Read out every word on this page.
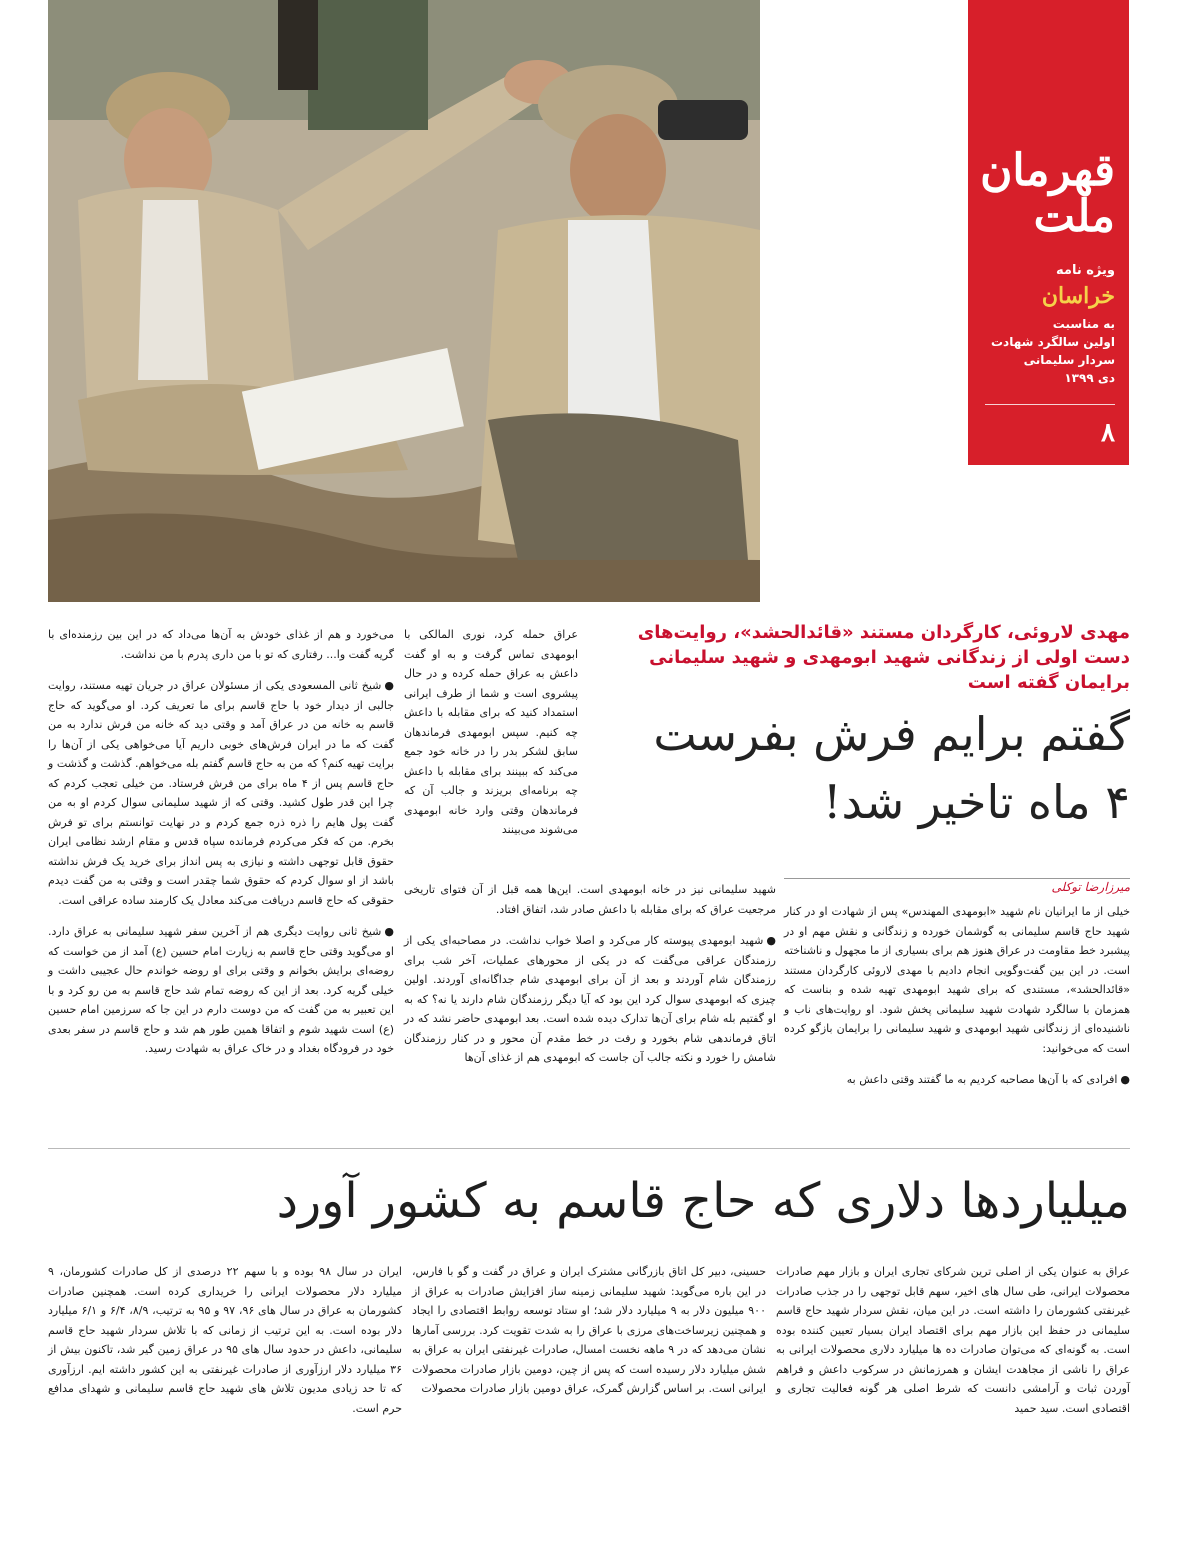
قهرمان
ملت
ویژه نامه
خراسان
به مناسبت
اولین سالگرد شهادت
سردار سلیمانی
دی ۱۳۹۹
۸
مهدی لاروئی، کارگردان مستند «قائدالحشد»، روایت‌های دست اولی از زندگانی شهید ابومهدی و شهید سلیمانی برایمان گفته است
گفتم برایم فرش بفرست
۴ ماه تاخیر شد!
میرزارضا توکلی

خیلی از ما ایرانیان نام شهید «ابومهدی المهندس» پس از شهادت او در کنار شهید حاج قاسم سلیمانی به گوشمان خورده و زندگانی و نقش مهم او در پیشبرد خط مقاومت در عراق هنوز هم برای بسیاری از ما مجهول و ناشناخته است. در این بین گفت‌وگویی انجام دادیم با مهدی لاروئی کارگردان مستند «قائدالحشد»، مستندی که برای شهید ابومهدی تهیه شده و بناست که همزمان با سالگرد شهادت شهید سلیمانی پخش شود. او روایت‌های ناب و ناشنیده‌ای از زندگانی شهید ابومهدی و شهید سلیمانی را برایمان بازگو کرده است که می‌خوانید:

●افرادی که با آن‌ها مصاحبه کردیم به ما گفتند وقتی داعش به

عراق حمله کرد، نوری المالکی با ابومهدی تماس گرفت و به او گفت داعش به عراق حمله کرده و در حال پیشروی است و شما از طرف ایرانی استمداد کنید که برای مقابله با داعش چه کنیم. سپس ابومهدی فرماندهان سابق لشکر بدر را در خانه خود جمع می‌کند که ببینند برای مقابله با داعش چه برنامه‌ای بریزند و جالب آن که فرماندهان وقتی وارد خانه ابومهدی می‌شوند می‌بینند

شهید سلیمانی نیز در خانه ابومهدی است. این‌ها همه قبل از آن فتوای تاریخی مرجعیت عراق که برای مقابله با داعش صادر شد، اتفاق افتاد.

●شهید ابومهدی پیوسته کار می‌کرد و اصلا خواب نداشت. در مصاحبه‌ای یکی از رزمندگان عراقی می‌گفت که در یکی از محورهای عملیات، آخر شب برای رزمندگان شام آوردند و بعد از آن برای ابومهدی شام جداگانه‌ای آوردند. اولین چیزی که ابومهدی سوال کرد این بود که آیا دیگر رزمندگان شام دارند یا نه؟ که به او گفتیم بله شام برای آن‌ها تدارک دیده شده است. بعد ابومهدی حاضر نشد که در اتاق فرماندهی شام بخورد و رفت در خط مقدم آن محور و در کنار رزمندگان شامش را خورد و نکته جالب آن جاست که ابومهدی هم از غذای آن‌ها

می‌خورد و هم از غذای خودش به آن‌ها می‌داد که در این بین رزمنده‌ای با گریه گفت وا... رفتاری که تو با من داری پدرم با من نداشت.

●شیخ ثانی المسعودی یکی از مسئولان عراق در جریان تهیه مستند، روایت جالبی از دیدار خود با حاج قاسم برای ما تعریف کرد. او می‌گوید که حاج قاسم به خانه من در عراق آمد و وقتی دید که خانه من فرش ندارد به من گفت که ما در ایران فرش‌های خوبی داریم آیا می‌خواهی یکی از آن‌ها را برایت تهیه کنم؟ که من به حاج قاسم گفتم بله می‌خواهم. گذشت و گذشت و حاج قاسم پس از ۴ ماه برای من فرش فرستاد. من خیلی تعجب کردم که چرا این قدر طول کشید. وقتی که از شهید سلیمانی سوال کردم او به من گفت پول هایم را ذره ذره جمع کردم و در نهایت توانستم برای تو فرش بخرم. من که فکر می‌کردم فرمانده سپاه قدس و مقام ارشد نظامی ایران حقوق قابل توجهی داشته و نیازی به پس انداز برای خرید یک فرش نداشته باشد از او سوال کردم که حقوق شما چقدر است و وقتی به من گفت دیدم حقوقی که حاج قاسم دریافت می‌کند معادل یک کارمند ساده عراقی است.

●شیخ ثانی روایت دیگری هم از آخرین سفر شهید سلیمانی به عراق دارد. او می‌گوید وقتی حاج قاسم به زیارت امام حسین (ع) آمد از من خواست که روضه‌ای برایش بخوانم و وقتی برای او روضه خواندم حال عجیبی داشت و خیلی گریه کرد. بعد از این که روضه تمام شد حاج قاسم به من رو کرد و با این تعبیر به من گفت که من دوست دارم در این جا که سرزمین امام حسین (ع) است شهید شوم و اتفاقا همین طور هم شد و حاج قاسم در سفر بعدی خود در فرودگاه بغداد و در خاک عراق به شهادت رسید.

میلیاردها دلاری که حاج قاسم به کشور آورد

عراق به عنوان یکی از اصلی ترین شرکای تجاری ایران و بازار مهم صادرات محصولات ایرانی، طی سال های اخیر، سهم قابل توجهی را در جذب صادرات غیرنفتی کشورمان را داشته است. در این میان، نقش سردار شهید حاج قاسم سلیمانی در حفظ این بازار مهم برای اقتصاد ایران بسیار تعیین کننده بوده است. به گونه‌ای که می‌توان صادرات ده ها میلیارد دلاری محصولات ایرانی به عراق را ناشی از مجاهدت ایشان و همرزمانش در سرکوب داعش و فراهم آوردن ثبات و آرامشی دانست که شرط اصلی هر گونه فعالیت تجاری و اقتصادی است. سید حمید

حسینی، دبیر کل اتاق بازرگانی مشترک ایران و عراق در گفت و گو با فارس، در این باره می‌گوید: شهید سلیمانی زمینه ساز افزایش صادرات به عراق از ۹۰۰ میلیون دلار به ۹ میلیارد دلار شد؛ او ستاد توسعه روابط اقتصادی را ایجاد و همچنین زیرساخت‌های مرزی با عراق را به شدت تقویت کرد. بررسی آمارها نشان می‌دهد که در ۹ ماهه نخست امسال، صادرات غیرنفتی ایران به عراق به شش میلیارد دلار رسیده است که پس از چین، دومین بازار صادرات محصولات ایرانی است. بر اساس گزارش گمرک، عراق دومین بازار صادرات محصولات

ایران در سال ۹۸ بوده و با سهم ۲۲ درصدی از کل صادرات کشورمان، ۹ میلیارد دلار محصولات ایرانی را خریداری کرده است. همچنین صادرات کشورمان به عراق در سال های ۹۶، ۹۷ و ۹۵ به ترتیب، ۸/۹، ۶/۴ و ۶/۱ میلیارد دلار بوده است. به این ترتیب از زمانی که با تلاش سردار شهید حاج قاسم سلیمانی، داعش در حدود سال های ۹۵ در عراق زمین گیر شد، تاکنون بیش از ۳۶ میلیارد دلار ارزآوری از صادرات غیرنفتی به این کشور داشته ایم. ارزآوری که تا حد زیادی مدیون تلاش های شهید حاج قاسم سلیمانی و شهدای مدافع حرم است.
